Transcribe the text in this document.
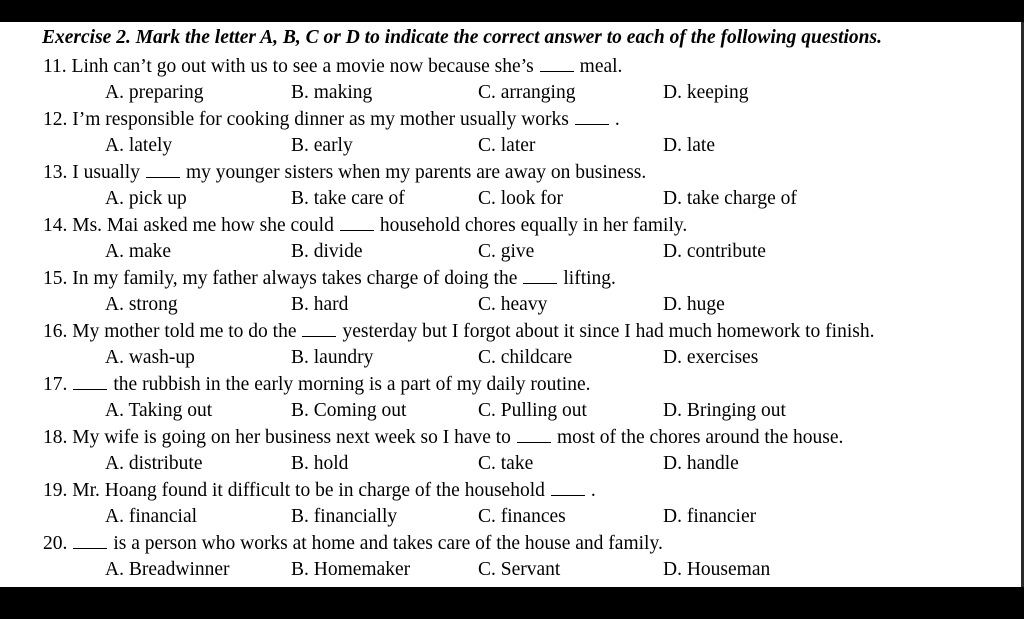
Exercise 2. Mark the letter A, B, C or D to indicate the correct answer to each of the following questions.
11. Linh can’t go out with us to see a movie now because she’s meal.
A. preparing	B. making	C. arranging	D. keeping
12. I’m responsible for cooking dinner as my mother usually works .
A. lately	B. early	C. later	D. late
13. I usually my younger sisters when my parents are away on business.
A. pick up	B. take care of	C. look for	D. take charge of
14. Ms. Mai asked me how she could household chores equally in her family.
A. make	B. divide	C. give	D. contribute
15. In my family, my father always takes charge of doing the lifting.
A. strong	B. hard	C. heavy	D. huge
16. My mother told me to do the yesterday but I forgot about it since I had much homework to finish.
A. wash-up	B. laundry	C. childcare	D. exercises
17. the rubbish in the early morning is a part of my daily routine.
A. Taking out	B. Coming out	C. Pulling out	D. Bringing out
18. My wife is going on her business next week so I have to most of the chores around the house.
A. distribute	B. hold	C. take	D. handle
19. Mr. Hoang found it difficult to be in charge of the household .
A. financial	B. financially	C. finances	D. financier
20. is a person who works at home and takes care of the house and family.
A. Breadwinner	B. Homemaker	C. Servant	D. Houseman
